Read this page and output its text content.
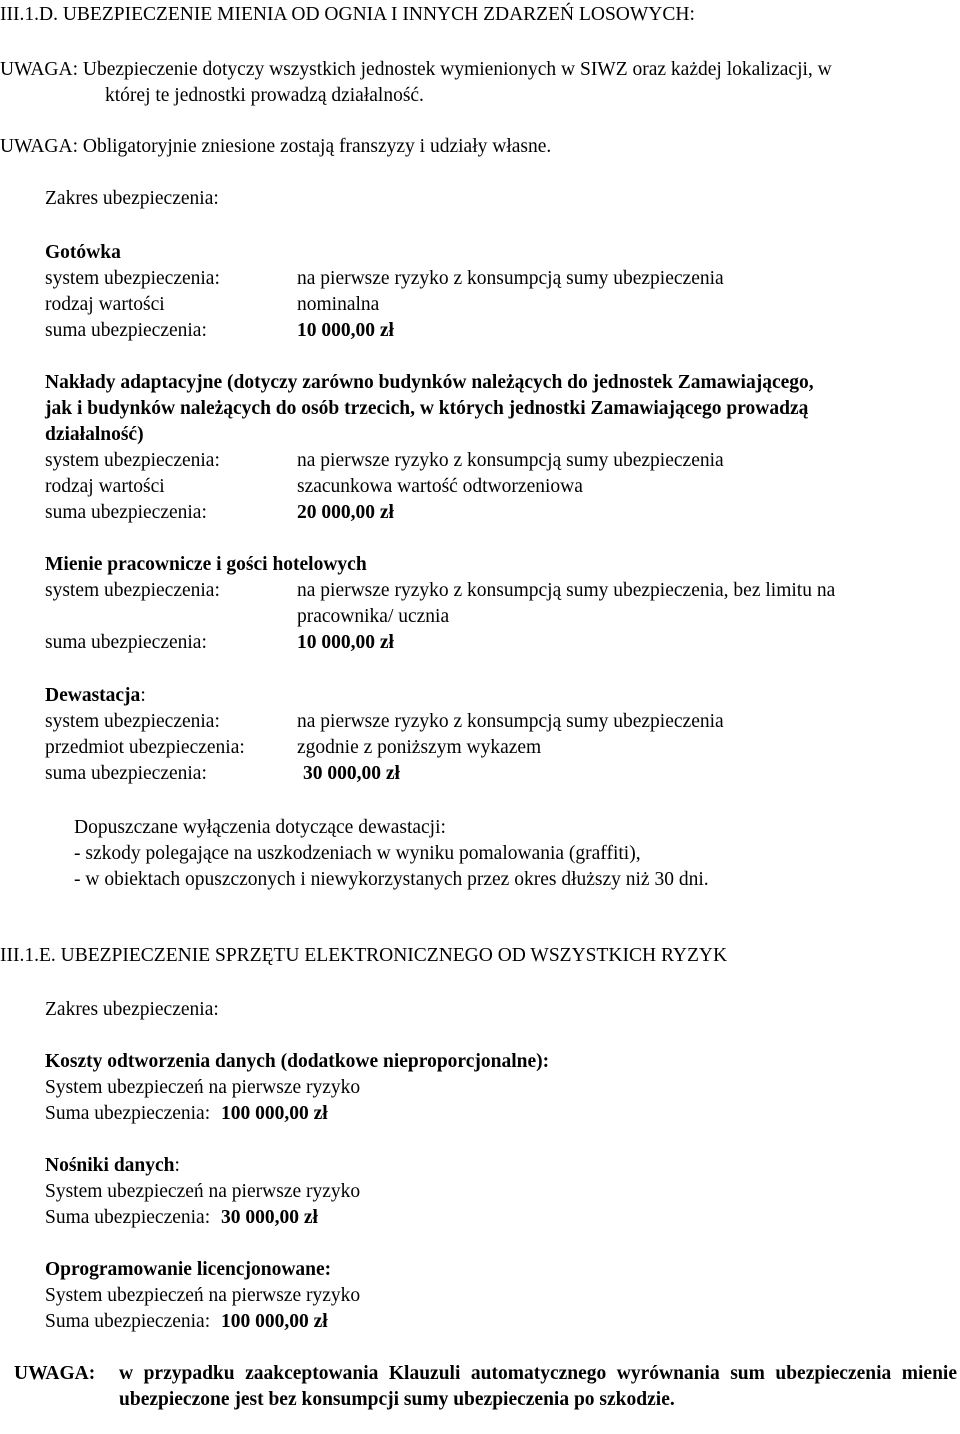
III.1.D. UBEZPIECZENIE MIENIA OD OGNIA I INNYCH ZDARZEŃ LOSOWYCH:
UWAGA: Ubezpieczenie dotyczy wszystkich jednostek wymienionych w SIWZ oraz każdej lokalizacji, w
której te jednostki prowadzą działalność.
UWAGA: Obligatoryjnie zniesione zostają franszyzy i udziały własne.
Zakres ubezpieczenia:
Gotówka
system ubezpieczenia:	na pierwsze ryzyko z konsumpcją sumy ubezpieczenia
rodzaj wartości	nominalna
suma ubezpieczenia:	10 000,00 zł
Nakłady adaptacyjne (dotyczy zarówno budynków należących do jednostek Zamawiającego,
jak i budynków należących do osób trzecich, w których jednostki Zamawiającego prowadzą
działalność)
system ubezpieczenia:	na pierwsze ryzyko z konsumpcją sumy ubezpieczenia
rodzaj wartości	szacunkowa wartość odtworzeniowa
suma ubezpieczenia:	20 000,00 zł
Mienie pracownicze i gości hotelowych
system ubezpieczenia:	na pierwsze ryzyko z konsumpcją sumy ubezpieczenia, bez limitu na
pracownika/ ucznia
suma ubezpieczenia:	10 000,00 zł
Dewastacja:
system ubezpieczenia:	na pierwsze ryzyko z konsumpcją sumy ubezpieczenia
przedmiot ubezpieczenia:	zgodnie z poniższym wykazem
suma ubezpieczenia:	30 000,00 zł
Dopuszczane wyłączenia dotyczące dewastacji:
- szkody polegające na uszkodzeniach w wyniku pomalowania (graffiti),
- w obiektach opuszczonych i niewykorzystanych przez okres dłuższy niż 30 dni.
III.1.E. UBEZPIECZENIE SPRZĘTU ELEKTRONICZNEGO OD WSZYSTKICH RYZYK
Zakres ubezpieczenia:
Koszty odtworzenia danych (dodatkowe nieproporcjonalne):
System ubezpieczeń na pierwsze ryzyko
Suma ubezpieczenia: 100 000,00 zł
Nośniki danych:
System ubezpieczeń na pierwsze ryzyko
Suma ubezpieczenia: 30 000,00 zł
Oprogramowanie licencjonowane:
System ubezpieczeń na pierwsze ryzyko
Suma ubezpieczenia: 100 000,00 zł
UWAGA: w przypadku zaakceptowania Klauzuli automatycznego wyrównania sum ubezpieczenia mienie ubezpieczone jest bez konsumpcji sumy ubezpieczenia po szkodzie.
